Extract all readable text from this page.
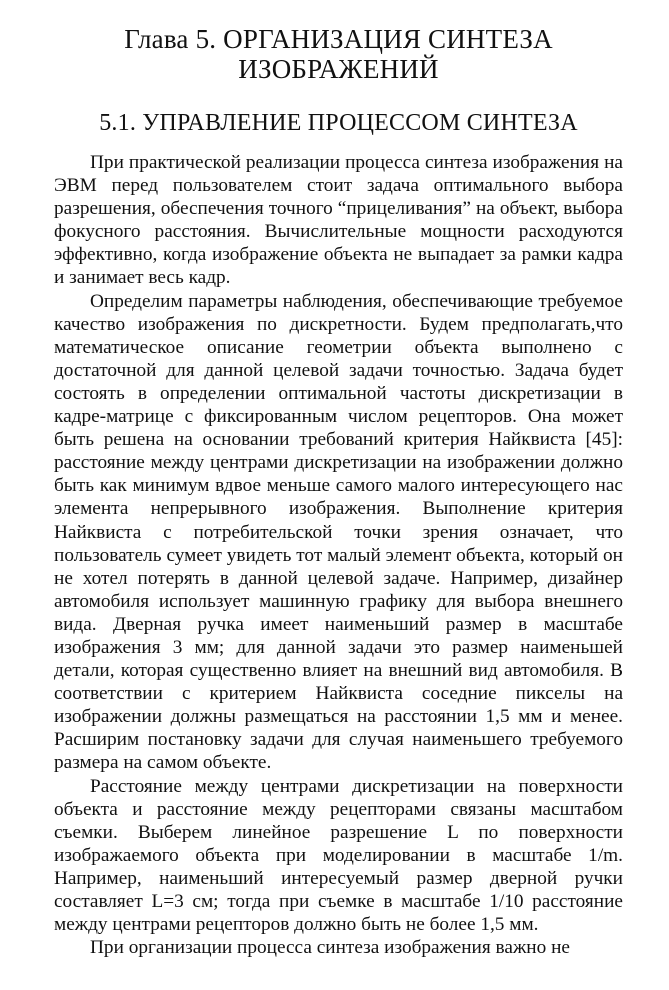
Глава 5. ОРГАНИЗАЦИЯ СИНТЕЗА
ИЗОБРАЖЕНИЙ
5.1. УПРАВЛЕНИЕ ПРОЦЕССОМ СИНТЕЗА

При практической реализации процесса синтеза изображения на ЭВМ перед пользователем стоит задача оптимального выбора разрешения, обеспечения точного “прицеливания” на объект, выбора фокусного расстояния. Вычислительные мощности расходуются эффективно, когда изображение объекта не выпадает за рамки кадра и занимает весь кадр.

Определим параметры наблюдения, обеспечивающие требуемое качество изображения по дискретности. Будем предполагать,что математическое описание геометрии объекта выполнено с достаточной для данной целевой задачи точностью. Задача будет состоять в определении оптимальной частоты дискретизации в кадре-матрице с фиксированным числом рецепторов. Она может быть решена на основании требований критерия Найквиста [45]: расстояние между центрами дискретизации на изображении должно быть как минимум вдвое меньше самого малого интересующего нас элемента непрерывного изображения. Выполнение критерия Найквиста с потребительской точки зрения означает, что пользователь сумеет увидеть тот малый элемент объекта, который он не хотел потерять в данной целевой задаче. Например, дизайнер автомобиля использует машинную графику для выбора внешнего вида. Дверная ручка имеет наименьший размер в масштабе изображения 3 мм; для данной задачи это размер наименьшей детали, которая существенно влияет на внешний вид автомобиля. В соответствии с критерием Найквиста соседние пикселы на изображении должны размещаться на расстоянии 1,5 мм и менее. Расширим постановку задачи для случая наименьшего требуемого размера на самом объекте.

Расстояние между центрами дискретизации на поверхности объекта и расстояние между рецепторами связаны масштабом съемки. Выберем линейное разрешение L по поверхности изображаемого объекта при моделировании в масштабе 1/m. Например, наименьший интересуемый размер дверной ручки составляет L=3 см; тогда при съемке в масштабе 1/10 расстояние между центрами рецепторов должно быть не более 1,5 мм.

При организации процесса синтеза изображения важно не
